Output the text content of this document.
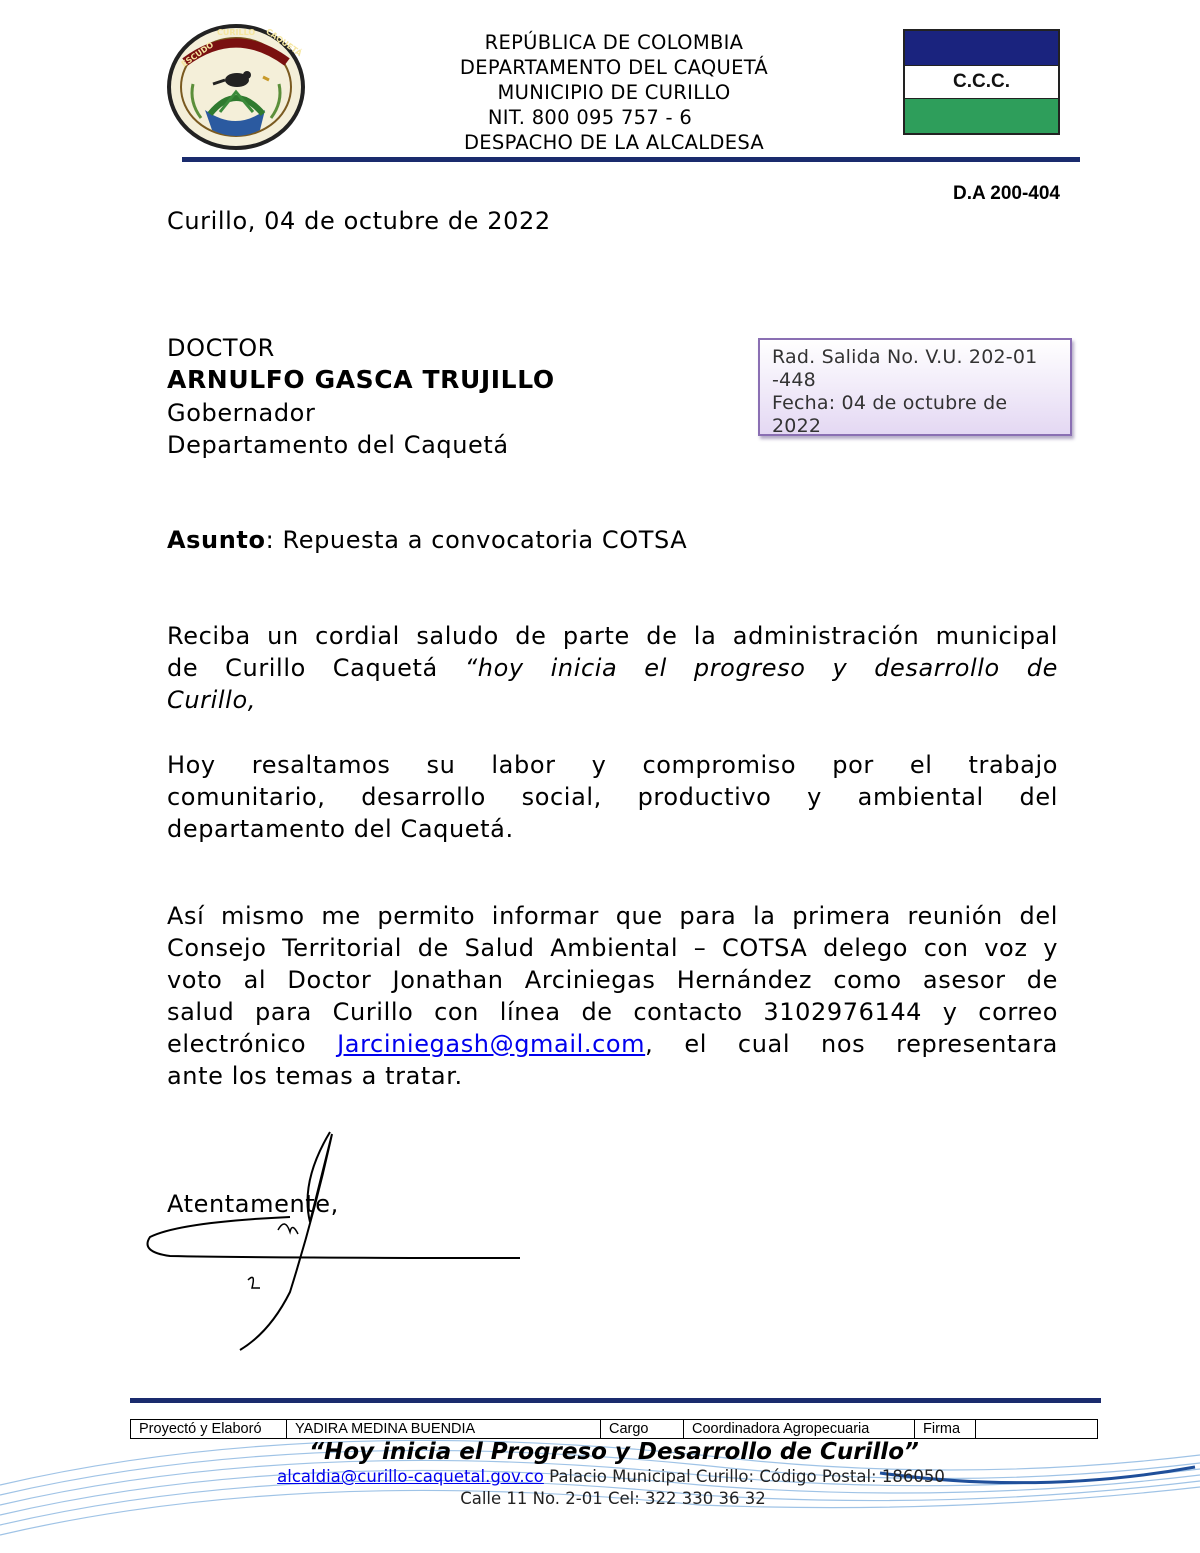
ESCUDO
CURILLO CAQUETÁ	REPÚBLICA DE COLOMBIA
DEPARTAMENTO DEL CAQUETÁ
MUNICIPIO DE CURILLO
NIT. 800 095 757 - 6
DESPACHO DE LA ALCALDESA
C.C.C.
D.A 200-404
Curillo, 04 de octubre de 2022
DOCTOR
ARNULFO GASCA TRUJILLO
Gobernador
Departamento del Caquetá
Rad. Salida No. V.U. 202-01
-448
Fecha: 04 de octubre de
2022
Asunto: Repuesta a convocatoria COTSA
Reciba un cordial saludo de parte de la administración municipal
de Curillo Caquetá “hoy inicia el progreso y desarrollo de
Curillo,
Hoy resaltamos su labor y compromiso por el trabajo
comunitario, desarrollo social, productivo y ambiental del
departamento del Caquetá.
Así mismo me permito informar que para la primera reunión del
Consejo Territorial de Salud Ambiental – COTSA delego con voz y
voto al Doctor Jonathan Arciniegas Hernández como asesor de
salud para Curillo con línea de contacto 3102976144 y correo
electrónico Jarciniegash@gmail.com, el cual nos representara
ante los temas a tratar.
Atentamente,
Proyectó y Elaboró	YADIRA MEDINA BUENDIA	Cargo	Coordinadora Agropecuaria	Firma	
“Hoy inicia el Progreso y Desarrollo de Curillo”
alcaldia@curillo-caquetal.gov.co Palacio Municipal Curillo: Código Postal: 186050
Calle 11 No. 2-01 Cel: 322 330 36 32
